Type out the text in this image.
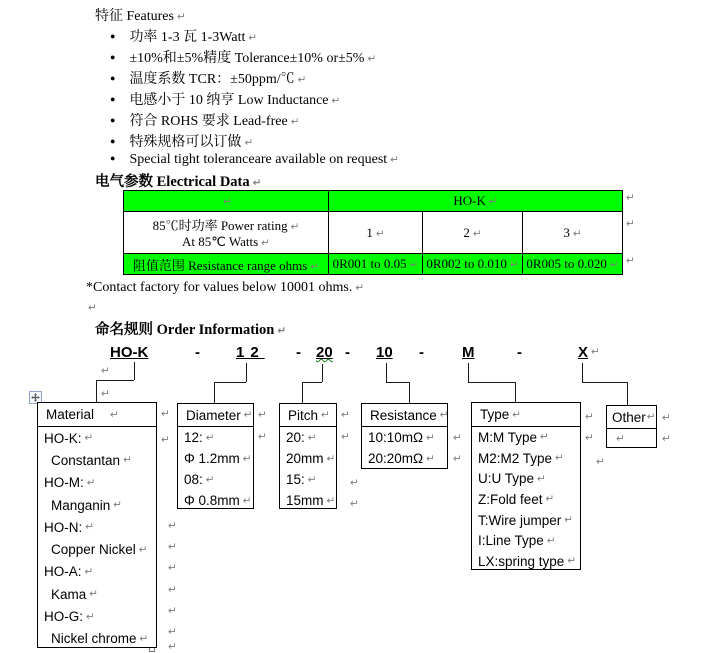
特征 Features ↵
● 功率 1-3 瓦 1-3Watt ↵
● ±10%和±5%精度 Tolerance±10% or±5% ↵
● 温度系数 TCR：±50ppm/℃ ↵
● 电感小于 10 纳亨 Low Inductance ↵
● 符合 ROHS 要求 Lead-free ↵
● 特殊规格可以订做 ↵
● Special tight toleranceare available on request ↵
电气参数 Electrical Data ↵
↵	HO-K ↵		

85℃时功率 Power rating ↵
At 85℃ Watts ↵	1 ↵	2 ↵	3 ↵
阻值范围 Resistance range ohms ↵	0R001 to 0.05 ↵	0R002 to 0.010 ↵	0R005 to 0.020 ↵
↵
↵
↵
*Contact factory for values below 10001 ohms. ↵
↵
命名规则 Order Information ↵
HO-K	- 12 - 20 - 10 -	M	-	X ↵
Material ↵
HO-K: ↵
Constantan ↵
HO-M: ↵
Manganin ↵
HO-N: ↵
Copper Nickel ↵
HO-A: ↵
Kama ↵
HO-G: ↵
Nickel chrome ↵
Diameter ↵
12: ↵
Φ 1.2mm ↵
08: ↵
Φ 0.8mm ↵
Pitch ↵
20: ↵
20mm ↵
15: ↵
15mm ↵
Resistance ↵
10:10mΩ ↵
20:20mΩ ↵
Type ↵
M:M Type ↵
M2:M2 Type ↵
U:U Type ↵
Z:Fold feet ↵
T:Wire jumper ↵
I:Line Type ↵
LX:spring type ↵
Other ↵
↵
↵
↵
↵
↵
↵
↵
↵
↵
↵
↵
↵
↵
↵
↵
↵
↵
↵
↵
↵
↵
↵
↵
↵
↵
